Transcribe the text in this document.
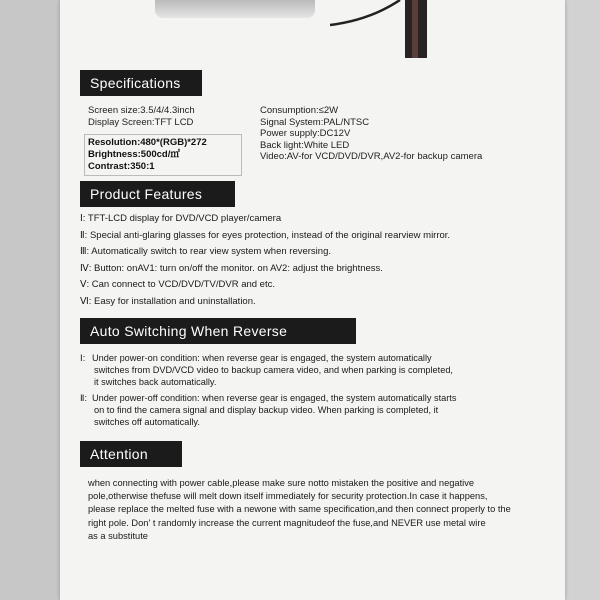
Specifications
Screen size:3.5/4/4.3inch
Display Screen:TFT LCD
Resolution:480*(RGB)*272
Brightness:500cd/㎡
Contrast:350:1
Consumption:≤2W
Signal System:PAL/NTSC
Power supply:DC12V
Back light:White LED
Video:AV-for VCD/DVD/DVR,AV2-for backup camera
Product Features
Ⅰ: TFT-LCD display for DVD/VCD player/camera
Ⅱ: Special anti-glaring glasses for eyes protection, instead of the original rearview mirror.
Ⅲ: Automatically switch to rear view system when reversing.
Ⅳ: Button: onAV1: turn on/off the monitor. on AV2: adjust the brightness.
Ⅴ: Can connect to VCD/DVD/TV/DVR and etc.
Ⅵ: Easy for installation and uninstallation.
Auto Switching When Reverse
Ⅰ: Under power-on condition: when reverse gear is engaged, the system automatically
switches from DVD/VCD video to backup camera video, and when parking is completed,
it switches back automatically.
Ⅱ: Under power-off condition: when reverse gear is engaged, the system automatically starts
on to find the camera signal and display backup video. When parking is completed, it
switches off automatically.
Attention
when connecting with power cable,please make sure notto mistaken the positive and negative
pole,otherwise thefuse will melt down itself immediately for security protection.In case it happens,
please replace the melted fuse with a newone with same specification,and then connect properly to the
right pole. Don' t randomly increase the current magnitudeof the fuse,and NEVER use metal wire
as a substitute
